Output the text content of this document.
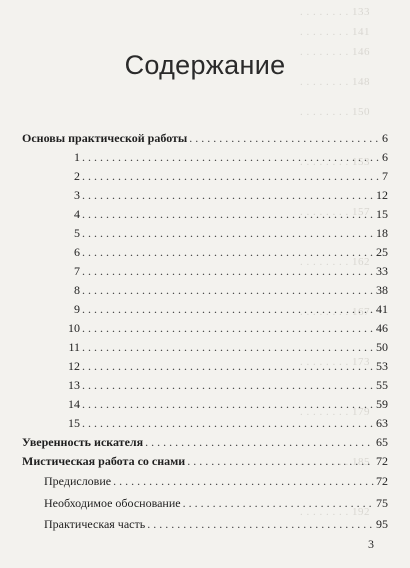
. . . . . . . . 133
. . . . . . . . 141
. . . . . . . . 146
. . . . . . . . 148
. . . . . . . . 150
. . . . . . . . 153
. . . . . . . . 157
. . . . . . . . 162
. . . . . . . . 167
. . . . . . . . 173
. . . . . . . . 179
. . . . . . . . 185
. . . . . . . . 192
Содержание
Основы практической работы . . .	6
1 . . .	6
2 . . .	7
3 . . .	12
4 . . .	15
5 . . .	18
6 . . .	25
7 . . .	33
8 . . .	38
9 . . .	41
10 . . .	46
11 . . .	50
12 . . .	53
13 . . .	55
14 . . .	59
15 . . .	63
Уверенность искателя . . .	65
Мистическая работа со снами . . .	72
Предисловие . . .	72
Необходимое обоснование . . .	75
Практическая часть . . .	95
3
